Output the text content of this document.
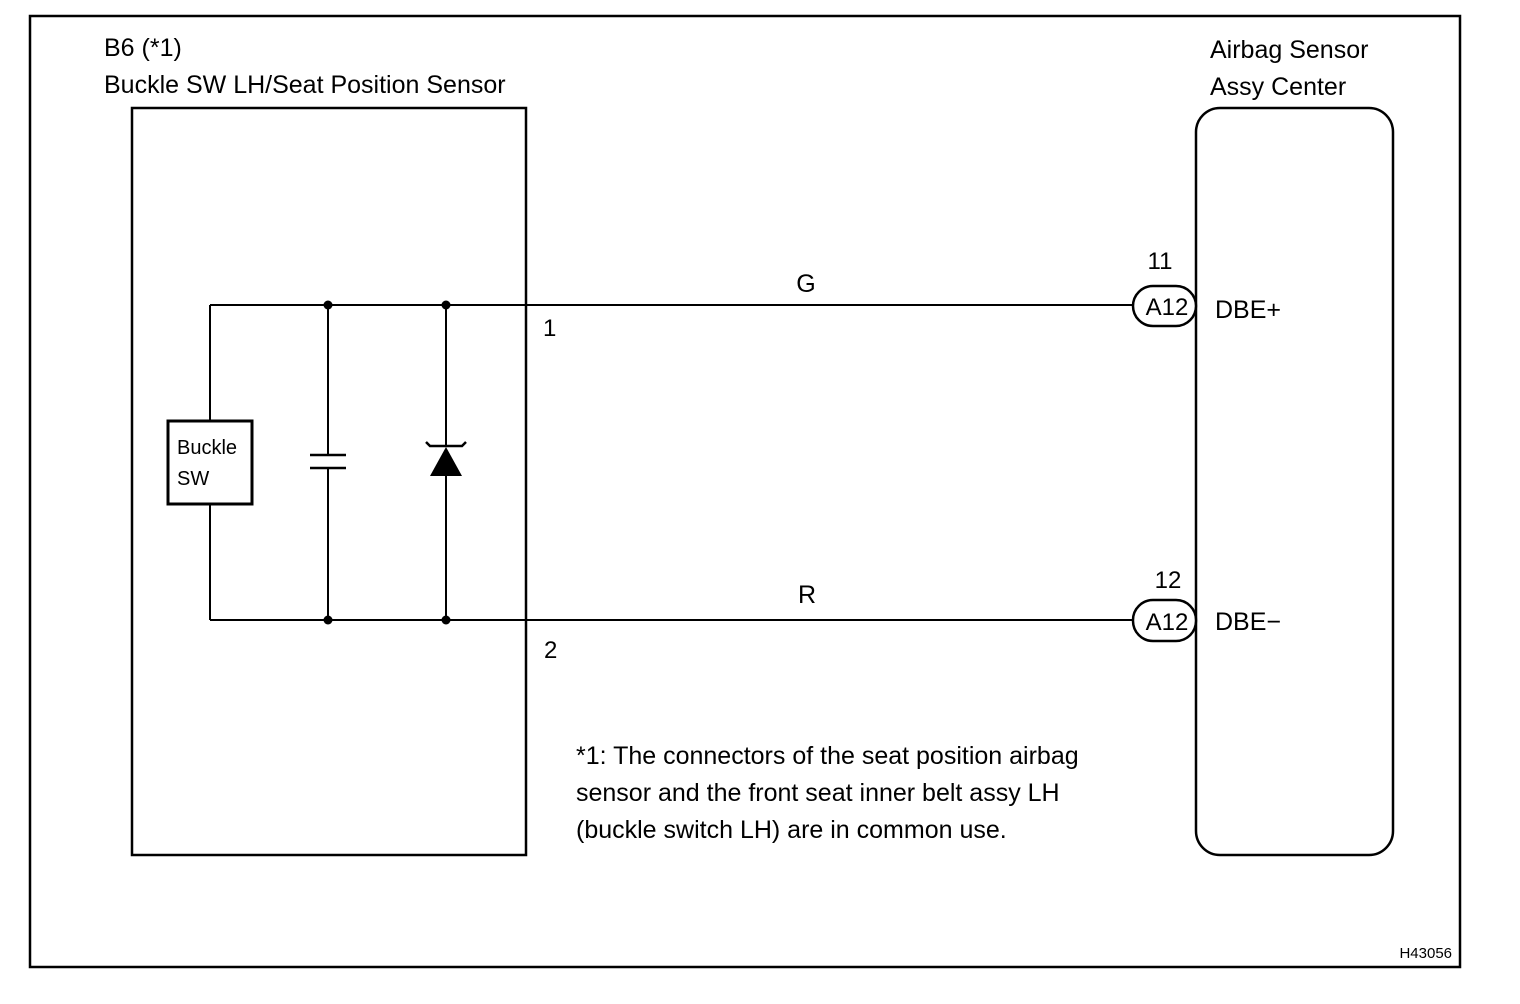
B6 (*1)
Buckle SW LH/Seat Position Sensor
Airbag Sensor
Assy Center
Buckle
SW
1
2
G
R
11
A12 DBE+
12
A12 DBE−
*1: The connectors of the seat position airbag
sensor and the front seat inner belt assy LH
(buckle switch LH) are in common use.
H43056
